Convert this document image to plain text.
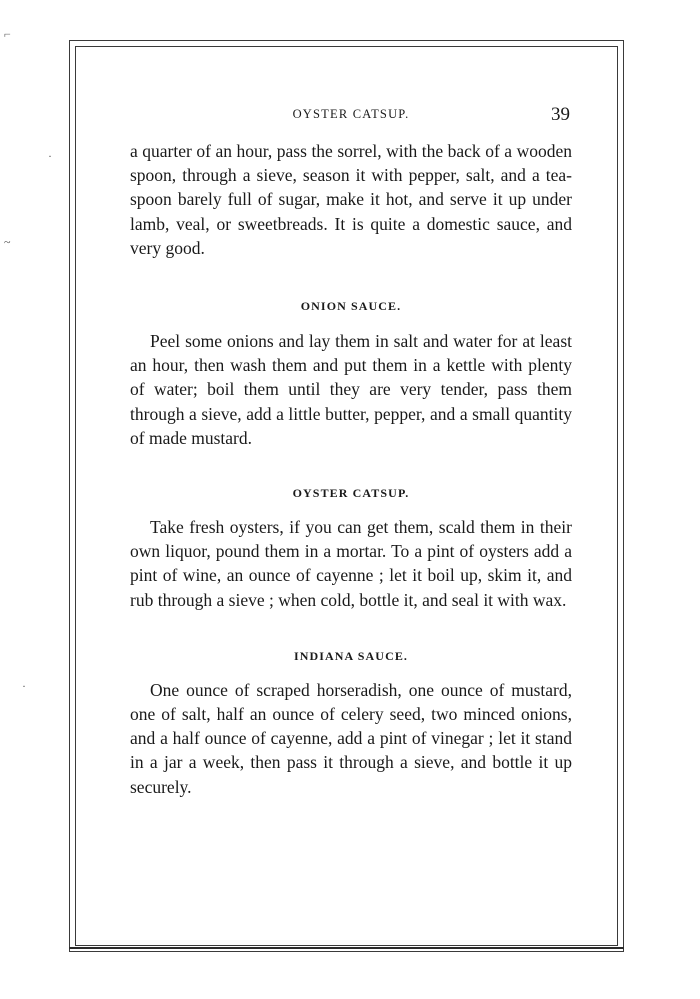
⌐
·
~
·
OYSTER CATSUP.	39

a quarter of an hour, pass the sorrel, with the back of a wooden spoon, through a sieve, season it with pepper, salt, and a tea-spoon barely full of sugar, make it hot, and serve it up under lamb, veal, or sweetbreads. It is quite a domestic sauce, and very good.

ONION SAUCE.

Peel some onions and lay them in salt and water for at least an hour, then wash them and put them in a kettle with plenty of water; boil them until they are very tender, pass them through a sieve, add a little butter, pepper, and a small quantity of made mustard.

OYSTER CATSUP.

Take fresh oysters, if you can get them, scald them in their own liquor, pound them in a mortar. To a pint of oysters add a pint of wine, an ounce of cayenne ; let it boil up, skim it, and rub through a sieve ; when cold, bottle it, and seal it with wax.

INDIANA SAUCE.

One ounce of scraped horseradish, one ounce of mustard, one of salt, half an ounce of celery seed, two minced onions, and a half ounce of cayenne, add a pint of vinegar ; let it stand in a jar a week, then pass it through a sieve, and bottle it up securely.
